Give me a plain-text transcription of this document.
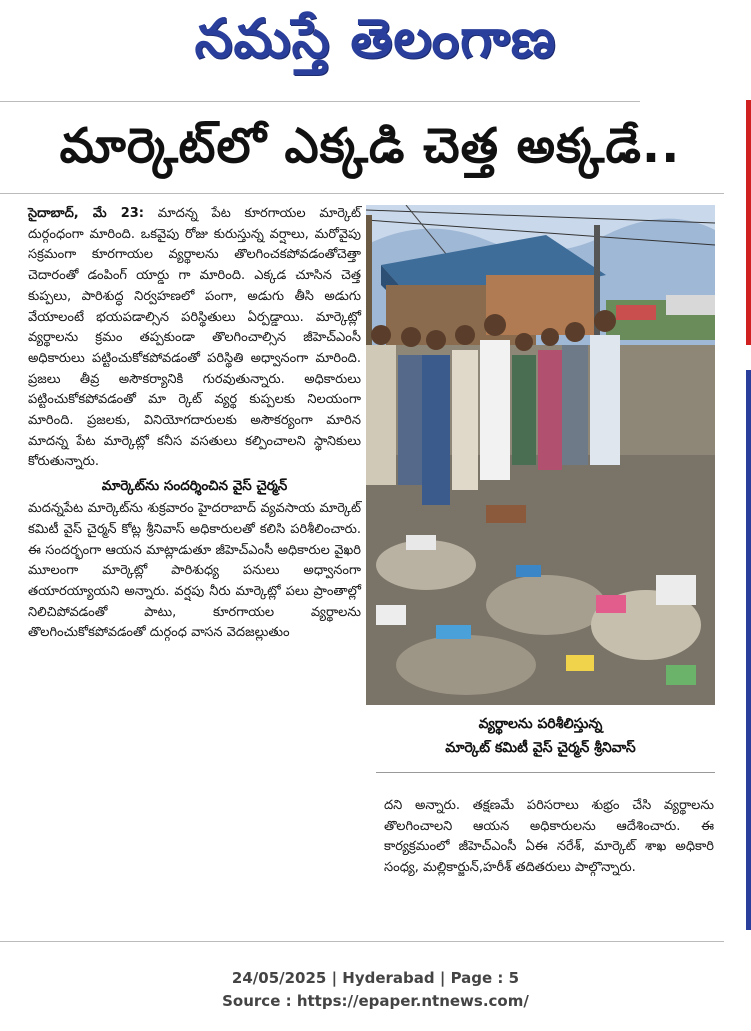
నమస్తే తెలంగాణ
మార్కెట్‌లో ఎక్కడి చెత్త అక్కడే..

సైదాబాద్, మే 23: మాదన్న పేట కూరగాయల మార్కెట్ దుర్గంధంగా మారింది. ఒకవైపు రోజు కురుస్తున్న వర్షాలు, మరోవైపు సక్రమంగా కూరగాయల వ్యర్థాలను తొలగించకపోవడంతోచెత్తా చెదారంతో డంపింగ్ యార్డు గా మారింది. ఎక్కడ చూసిన చెత్త కుప్పలు, పారిశుద్ధ నిర్వహణలో పంగా, అడుగు తీసి అడుగు వేయాలంటే భయపడాల్సిన పరిస్థితులు ఏర్పడ్డాయి. మార్కెట్లో వ్యర్థాలను క్రమం తప్పకుండా తొలగించాల్సిన జీహెచ్ఎంసీ అధికారులు పట్టించుకోకపోవడంతో పరిస్థితి అధ్వానంగా మారింది. ప్రజలు తీవ్ర అసౌకర్యానికి గురవుతున్నారు. అధికారులు పట్టించుకోకపోవడంతో మా ర్కెట్ వ్యర్థ కుప్పలకు నిలయంగా మారింది. ప్రజలకు, వినియోగదారులకు అసౌకర్యంగా మారిన మాదన్న పేట మార్కెట్లో కనీస వసతులు కల్పించాలని స్థానికులు కోరుతున్నారు.

మార్కెట్‌ను సందర్శించిన వైస్ చైర్మన్

మదన్నపేట మార్కెట్‌ను శుక్రవారం హైదరాబాద్ వ్యవసాయ మార్కెట్ కమిటీ వైస్ చైర్మన్ కోట్ల శ్రీనివాస్ అధికారులతో కలిసి పరిశీలించారు. ఈ సందర్భంగా ఆయన మాట్లాడుతూ జీహెచ్ఎంసీ అధికారుల వైఖరి మూలంగా మార్కెట్లో పారిశుధ్య పనులు అధ్వానంగా తయారయ్యాయని అన్నారు. వర్షపు నీరు మార్కెట్లో పలు ప్రాంతాల్లో నిలిచిపోవడంతో పాటు, కూరగాయల వ్యర్థాలను తొలగించుకోకపోవడంతో దుర్గంధ వాసన వెదజల్లుతుం

వ్యర్థాలను పరిశీలిస్తున్న
మార్కెట్ కమిటీ వైస్ చైర్మన్ శ్రీనివాస్

దని అన్నారు. తక్షణమే పరిసరాలు శుభ్రం చేసి వ్యర్థాలను తొలగించాలని ఆయన అధికారులను ఆదేశించారు. ఈ కార్యక్రమంలో జీహెచ్ఎంసీ ఏఈ నరేశ్, మార్కెట్ శాఖ అధికారి సంధ్య, మల్లికార్జున్,హరీశ్ తదితరులు పాల్గొన్నారు.

24/05/2025 | Hyderabad | Page : 5
Source : https://epaper.ntnews.com/
